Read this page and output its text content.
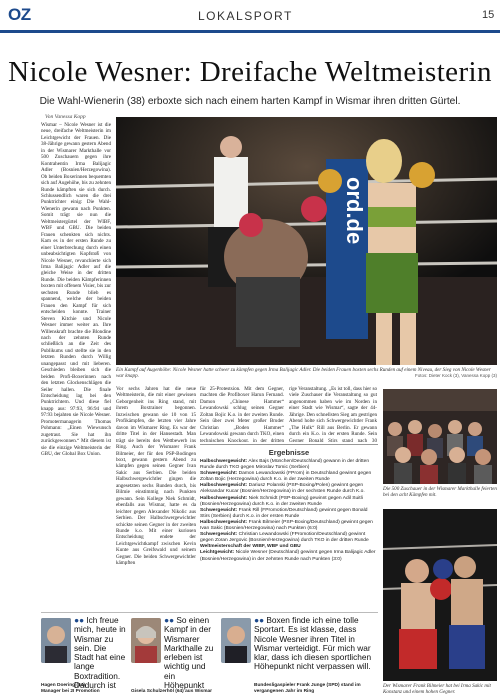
OZ	LOKALSPORT	15
Nicole Wesner: Dreifache Weltmeisterin
Die Wahl-Wienerin (38) erboxte sich nach einem harten Kampf in Wismar ihren dritten Gürtel.
Von Vanessa Kopp

Wismar – Nicole Wesner ist die neue, dreifache Weltmeisterin im Leichtgewicht der Frauen. Die 38-Jährige gewann gestern Abend in der Wismarer Markthalle vor 500 Zuschauern gegen ihre Kontrahentin Irma Balijagic Adler (Bosnien/Herzegowina). Ob beiden Boxerinnen bequemten sich auf Augehöhe, bis zu zehnten Runde kämpften sie sich durch. Schlussendlich waren die drei Punktrichter einig: Die Wahl-Wienerin gewann nach Punkten. Somit trägt sie nun die Weltmeistergürtel der WIBF, WBF und GBU. Die beiden Frauen schenkten sich nichts. Kam es in der ersten Runde zu einer Unterbrechung durch einen unbeabsichtigten Kopfstoß von Nicole Wesner, revanchierte sich Irma Balijagic Adler auf die gleiche Weise in der dritten Runde. Die beiden Kämpferinnen boxten mit offenem Visier, bis zur sechsten Runde blieb es spannend, welche der beiden Frauen den Kampf für sich entscheiden konnte. Trainer Steven Kitchie und Nicole Wesner immer weiter an. Ihre Willenskraft brachte die Blondine nach der zehnten Runde schließlich an die Zeit des Publikums und stellte sie in den letzten Runden durch Willig unangepasst und mit lieberen. Geschieden bleiben sich die beiden Profi-Boxerinnen nach den letzten Glockenschlägen die Seiler hallen. Die finale Entscheidung lag bei den Punktrichtern. Und diese fiel knapp aus: 97:93, 96:94 und 97:93 bejahten sie Nicole Wesner. Promotermanagerin Thomas Pohmann: „Einen Wiewunsch zugetraut. Sie hat ihn zurückgewonnen.“ Mit diesem ist sie die einzige Weltmeisterin der GBU, der Global Box Union.

ord.de
Ein Kampf auf Augenhöhe: Nicole Wesner hatte schwer zu kämpfen gegen Irma Balijagic Adler. Die beiden Frauen boxten sechs Runden auf einem Niveau, der Sieg von Nicole Wesner war knapp.	Fotos: Dieter Kock (3), Vanessa Kopp (3)

Vor sechs Jahren hat die neue Weltmeisterin, die mit einer gewissen Geborgenheit ins Ring stand, mit ihrem Boxtrainer begonnen. Inzwischen gewann sie 10 von 15 Profikämpfen, die letzten vier Jahre davon im Wismarer Ring. Es war der dritte Titel in der Hansestadt. Man trägt sie bereits den Wettbewerb ins Ring. Auch der Wismarer Frank Bilmeier, der für den PSP-Bodingen boxt, gewann gestern Abend zu kämpfen gegen seinen Gegner Ivan Sakic aus Serbien. Die beiden Halbschwergewichtler gingen die angesetzten sechs Runden durch, bis Bilmie einstimmig nach Punkten gewann. Sein Kollege Niek Schmidt, ebenfalls aus Wismar, hatte es da leichter gegen Alexander Nikolic aus Serbien. Der Halbschwergewichtler schickte seinen Gegner in der zweiten Runde k.o. Mit einer kuriosen Entscheidung endete der Leichtgewichtkampf zwischen Kevin Kunte aus Greifswald und seinem Gegner. Die beiden Schwergewichtler kämpften

für 25-Protestsion. Mit dem Gegner, machten die Profiboxer Harun Fernand. Damon „Chinese Hammer“ Lewandowski schlug seinen Gegner Zoltan Bojic K.o. in der zweiten Runde. Sein über zwei Meter großer Bruder Christian „Boden Hammer“ Lewandowski gewann durch TKO, einen technischen Knockout, in der dritten

rige Veranstaltung. „Es ist toll, dass hier so viele Zuschauer die Veranstaltung so gut angenommen haben wie im Norden in einer Stadt wie Wismar“, sagte der 44-Jährige. Den schnellsten Sieg am gestrigen Abend holte sich Schwergewichtler Frank „The Hulk“ Rill aus Berlin. Er gewann durch ein K.o. in der ersten Runde. Sein Gegner Bonald Stirs stand nach 30

Ergebnisse
Halbschwergewicht: Alex Bajs (München/Deutschland) gewann in der dritten Runde durch TKO gegen Miroslav Tomic (Serbien)
Schwergewicht: Damon Lewandowski (FProm) in Deutschland gewinnt gegen Zoltan Bojic (Herzegowina) durch K.o. in der zweiten Runde
Halbschwergewicht: Dariusz Polanski (PSP-Boxing/Polen) gewinnt gegen Aleksandar Kucar (Bosnien/Herzegowina) in der sechsten Runde durch K.o.
Halbschwergewicht: Niek Schmidt (PSP-Boxing) gewinnt gegen Adil Suitli (Bosnien/Herzegowina) durch K.o. in der zweiten Runde
Schwergewicht: Frank Rill (FPromotion/Deutschland) gewinnt gegen Bonald Stirs (Serbien) durch K.o. in der ersten Runde
Halbschwergewicht: Frank Bilmeier (PSP-Boxing/Deutschland) gewinnt gegen Ivan Sakic (Bosnien/Herzegowina) nach Punkten (6:0)
Schwergewicht: Christian Lewandowski (FPromotion/Deutschland) gewinnt gegen Zoran Jergovic (Bosnien/Herzegowina) durch TKO in der dritten Runde
Weltmeisterschaft der WIBF, WBF und GBU
Leichtgewicht: Nicole Wesner (Deutschland) gewinnt gegen Irma Balijagic Adler (Bosnien/Herzegowina) in der zehnten Runde nach Punkten (3:0)
Die 500 Zuschauer in der Wismarer Markthalle feierten bei den acht Kämpfen mit.
Der Wismarer Frank Bilmeier hat bei Irma Sakic mit Konstanz und einem hohen Gegner.
●● Ich freue mich, heute in Wismar zu sein. Die Stadt hat eine lange Boxtradition. Dadurch ist
Hagen Doering (44),
Manager bei 2I Promotion
●● So einen Kampf in der Wismarer Markthalle zu erleben ist wichtig und ein Höhepunkt
Gisela Schulzerhöl (64) aus Wismar
●● Boxen finde ich eine tolle Sportart. Es ist klasse, dass Nicole Wesner ihren Titel in Wismar verteidigt. Für mich war klar, dass ich diesen sportlichen Höhepunkt nicht verpassen will.
Bundesligaspieler Frank Junge (SPD) stand im vergangenen Jahr im Ring
